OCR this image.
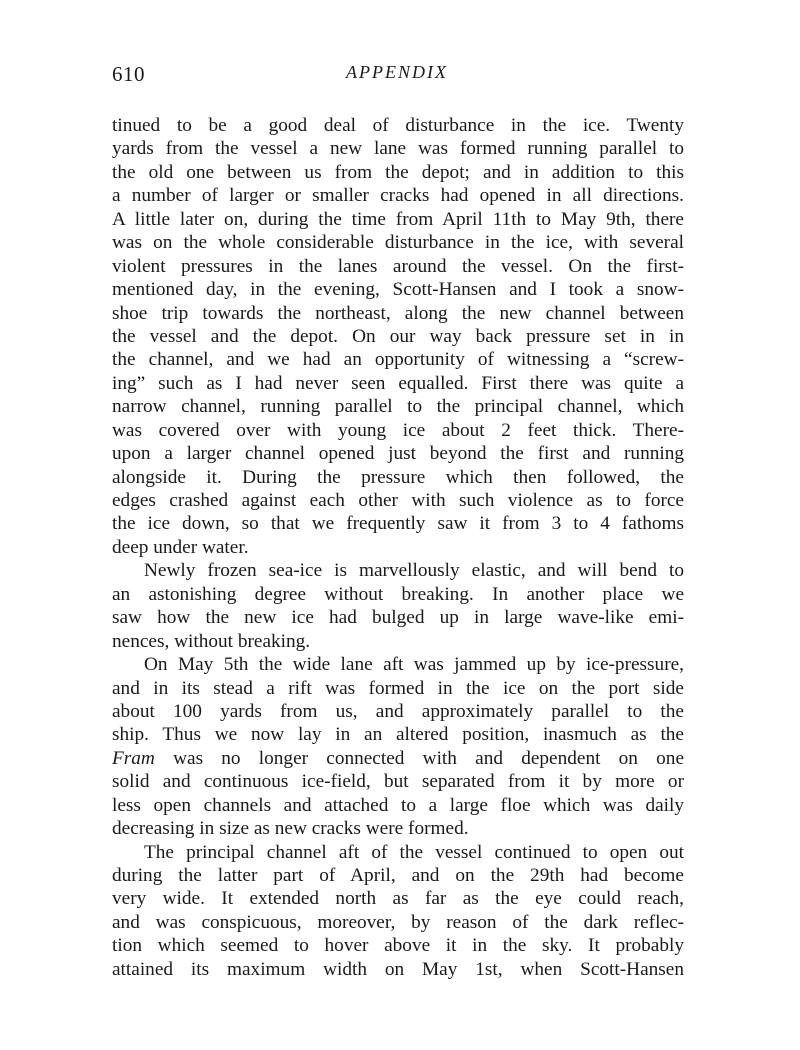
610	APPENDIX
tinued to be a good deal of disturbance in the ice. Twenty
yards from the vessel a new lane was formed running parallel to
the old one between us from the depot; and in addition to this
a number of larger or smaller cracks had opened in all directions.
A little later on, during the time from April 11th to May 9th, there
was on the whole considerable disturbance in the ice, with several
violent pressures in the lanes around the vessel. On the first-
mentioned day, in the evening, Scott-Hansen and I took a snow-
shoe trip towards the northeast, along the new channel between
the vessel and the depot. On our way back pressure set in in
the channel, and we had an opportunity of witnessing a “screw-
ing” such as I had never seen equalled. First there was quite a
narrow channel, running parallel to the principal channel, which
was covered over with young ice about 2 feet thick. There-
upon a larger channel opened just beyond the first and running
alongside it. During the pressure which then followed, the
edges crashed against each other with such violence as to force
the ice down, so that we frequently saw it from 3 to 4 fathoms
deep under water.
Newly frozen sea-ice is marvellously elastic, and will bend to
an astonishing degree without breaking. In another place we
saw how the new ice had bulged up in large wave-like emi-
nences, without breaking.
On May 5th the wide lane aft was jammed up by ice-pressure,
and in its stead a rift was formed in the ice on the port side
about 100 yards from us, and approximately parallel to the
ship. Thus we now lay in an altered position, inasmuch as the
Fram was no longer connected with and dependent on one
solid and continuous ice-field, but separated from it by more or
less open channels and attached to a large floe which was daily
decreasing in size as new cracks were formed.
The principal channel aft of the vessel continued to open out
during the latter part of April, and on the 29th had become
very wide. It extended north as far as the eye could reach,
and was conspicuous, moreover, by reason of the dark reflec-
tion which seemed to hover above it in the sky. It probably
attained its maximum width on May 1st, when Scott-Hansen
